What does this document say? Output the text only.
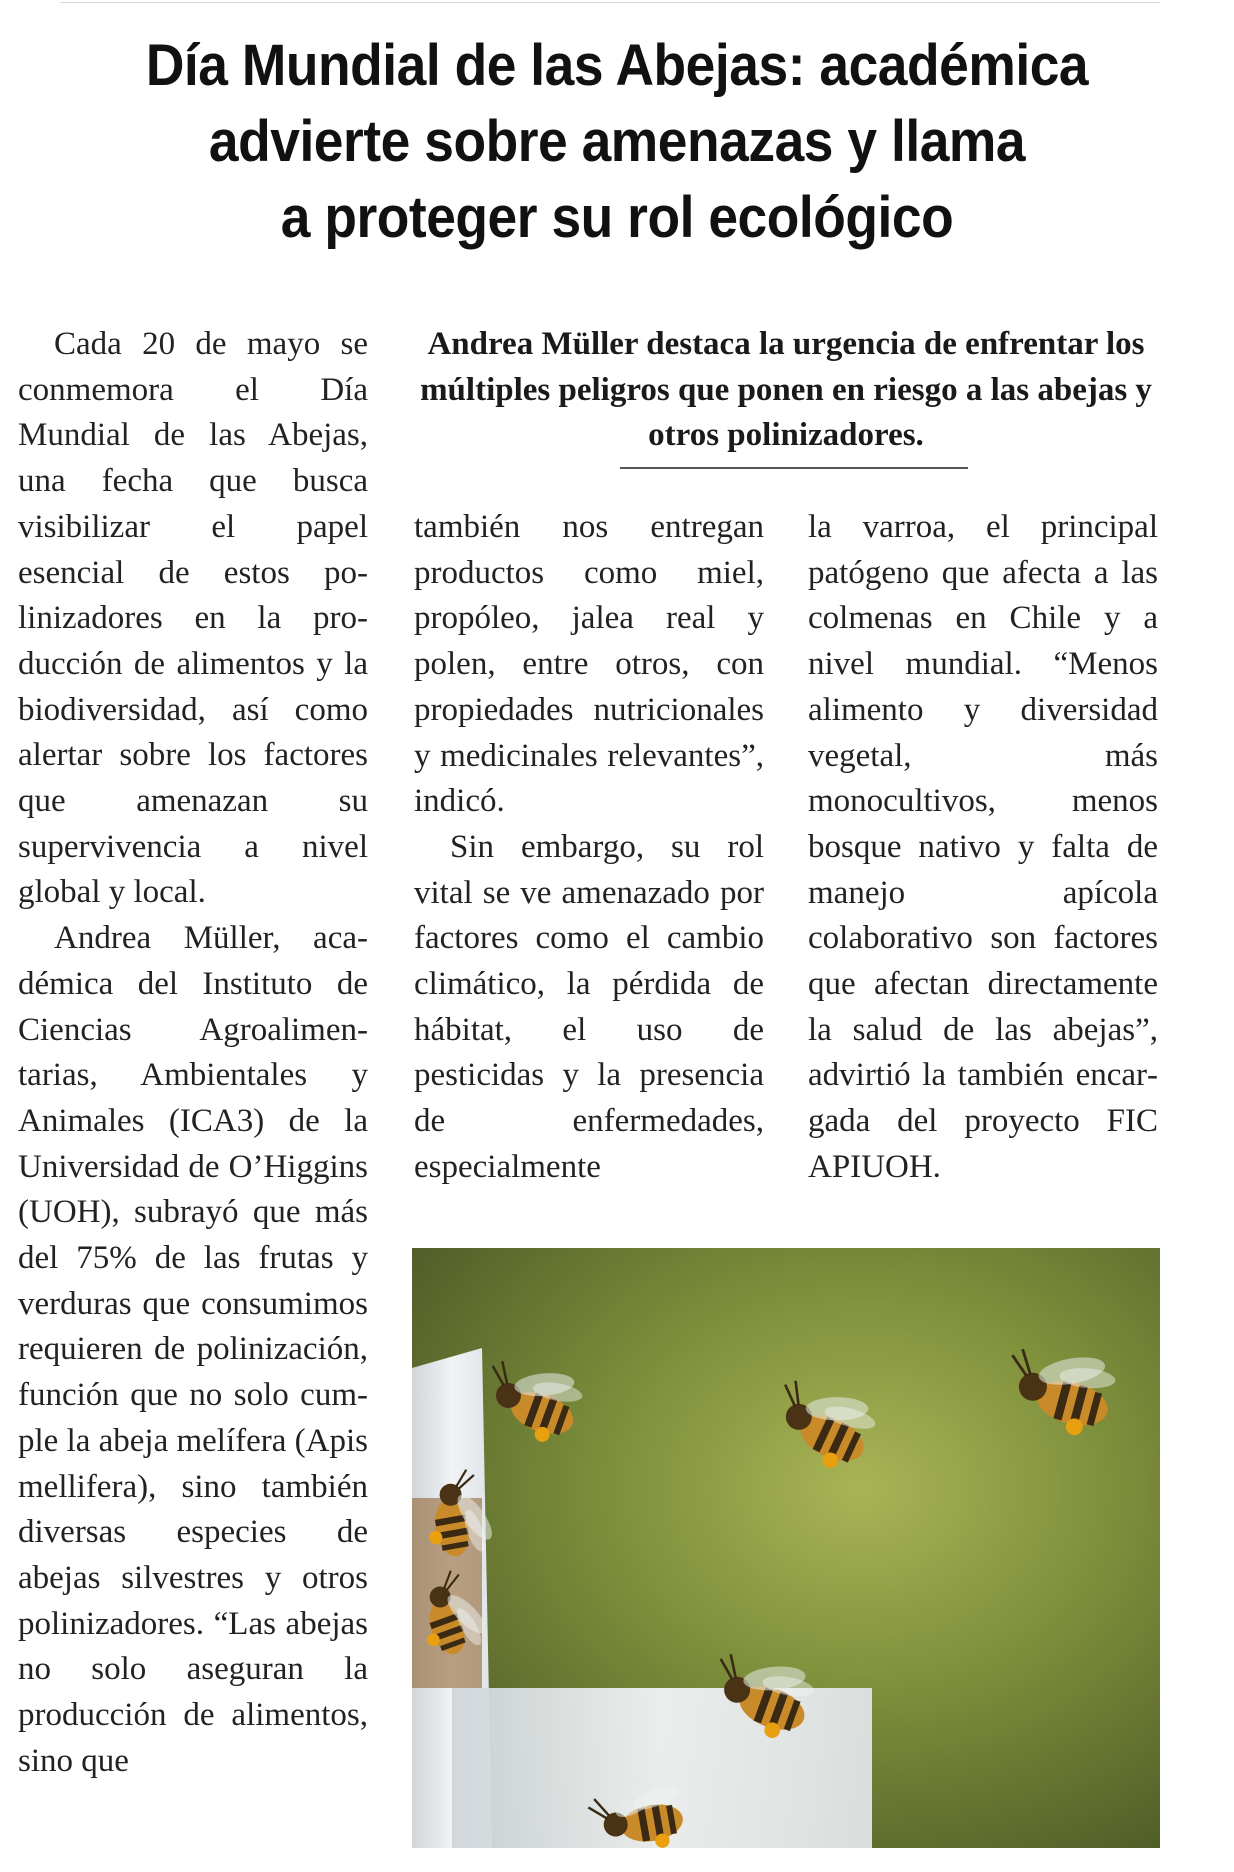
Día Mundial de las Abejas: académica
advierte sobre amenazas y llama
a proteger su rol ecológico

Cada 20 de mayo se conmemora el Día Mundial de las Abejas, una fecha que busca visibilizar el papel esencial de estos polinizadores en la producción de alimentos y la biodiversidad, así como alertar sobre los factores que amenazan su supervivencia a nivel global y local.

Andrea Müller, académica del Instituto de Ciencias Agroalimentarias, Ambientales y Animales (ICA3) de la Universidad de O’Higgins (UOH), subrayó que más del 75% de las frutas y verduras que consumimos requieren de polinización, función que no solo cumple la abeja melífera (Apis mellifera), sino también diversas especies de abejas silvestres y otros polinizadores. “Las abejas no solo aseguran la producción de alimentos, sino que

Andrea Müller destaca la urgencia de enfrentar los múltiples peligros que ponen en riesgo a las abejas y otros polinizadores.

también nos entregan productos como miel, propóleo, jalea real y polen, entre otros, con propiedades nutricionales y medicinales relevantes”, indicó.

Sin embargo, su rol vital se ve amenazado por factores como el cambio climático, la pérdida de hábitat, el uso de pesticidas y la presencia de enfermedades, especialmente

la varroa, el principal patógeno que afecta a las colmenas en Chile y a nivel mundial. “Menos alimento y diversidad vegetal, más monocultivos, menos bosque nativo y falta de manejo apícola colaborativo son factores que afectan directamente la salud de las abejas”, advirtió la también encargada del proyecto FIC APIUOH.
